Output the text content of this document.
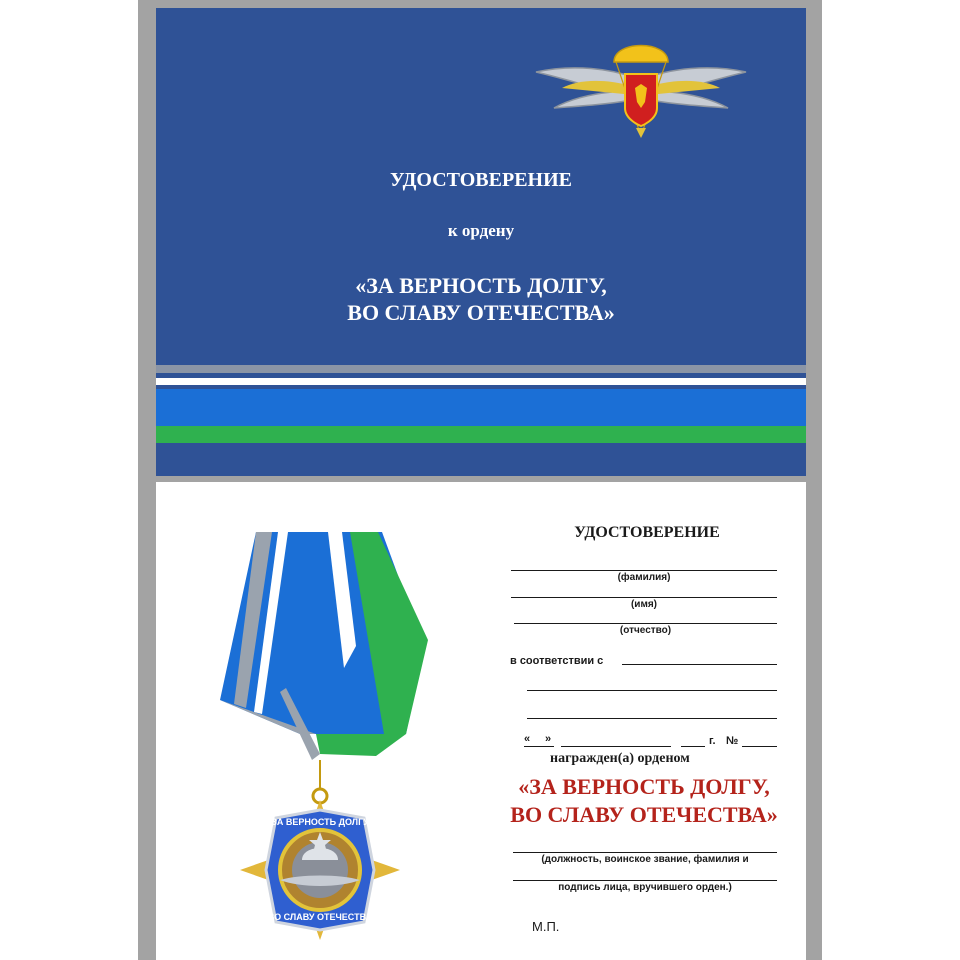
УДОСТОВЕРЕНИЕ
к ордену
«ЗА ВЕРНОСТЬ ДОЛГУ,
ВО СЛАВУ ОТЕЧЕСТВА»
ЗА ВЕРНОСТЬ ДОЛГУ
ВО СЛАВУ ОТЕЧЕСТВА
УДОСТОВЕРЕНИЕ
(фамилия)
(имя)
(отчество)
в соответствии с
« »	г. №
награжден(а) орденом
«ЗА ВЕРНОСТЬ ДОЛГУ,
ВО СЛАВУ ОТЕЧЕСТВА»
(должность, воинское звание, фамилия и
подпись лица, вручившего орден.)
М.П.
